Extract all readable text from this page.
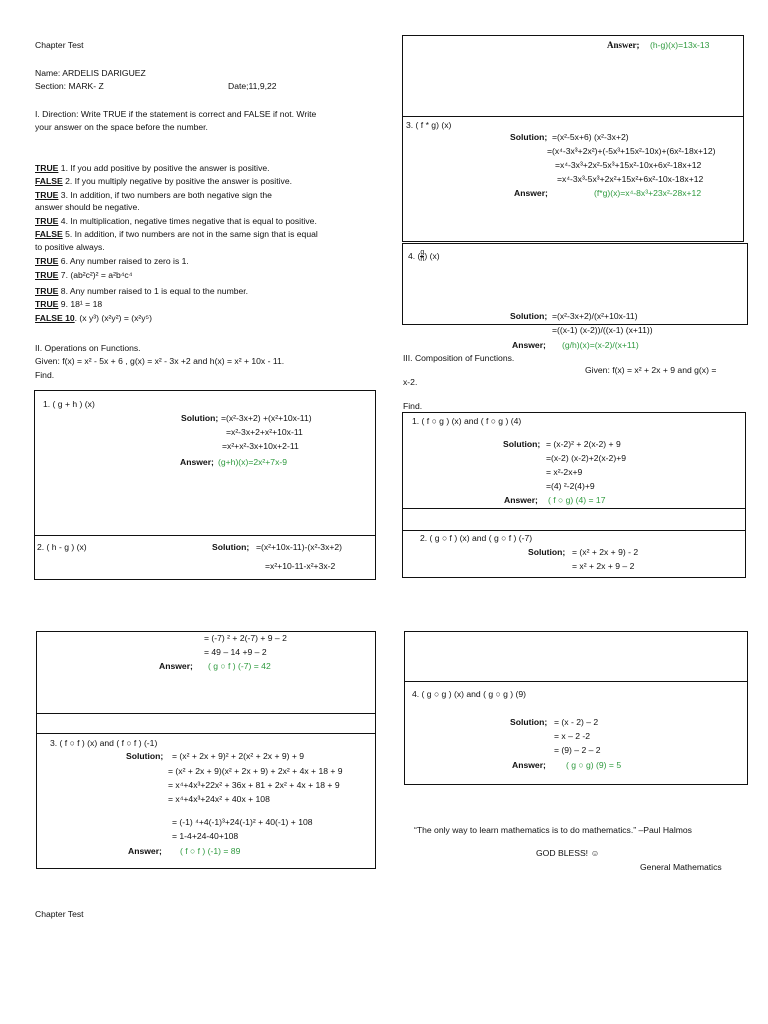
Chapter Test
Name: ARDELIS DARIGUEZ
Section: MARK- Z	Date;11,9,22
I. Direction: Write TRUE if the statement is correct and FALSE if not. Write
your answer on the space before the number.
TRUE 1. If you add positive by positive the answer is positive.
FALSE 2. If you multiply negative by positive the answer is positive.
TRUE 3. In addition, if two numbers are both negative sign the
answer should be negative.
TRUE 4. In multiplication, negative times negative that is equal to positive.
FALSE 5. In addition, if two numbers are not in the same sign that is equal
to positive always.
TRUE 6. Any number raised to zero is 1.
TRUE 7. (ab²c²)² = a²b⁴c⁴
TRUE 8. Any number raised to 1 is equal to the number.
TRUE 9. 18¹ = 18
FALSE 10. (x y³) (x²y²) = (x²y⁵)
II. Operations on Functions.
Given: f(x) = x² - 5x + 6 , g(x) = x² - 3x +2 and h(x) = x² + 10x - 11.
Find.
1. ( g + h ) (x)
Solution; =(x²-3x+2) +(x²+10x-11)
=x²-3x+2+x²+10x-11
=x²+x²-3x+10x+2-11
Answer; (g+h)(x)=2x²+7x-9
2. ( h - g ) (x)	Solution; =(x²+10x-11)-(x²-3x+2)
=x²+10-11-x²+3x-2
Answer; (h-g)(x)=13x-13
3. ( f * g) (x)
Solution; =(x²-5x+6) (x²-3x+2)
=(x⁴-3x³+2x²)+(-5x³+15x²-10x)+(6x²-18x+12)
=x⁴-3x³+2x²-5x³+15x²-10x+6x²-18x+12
=x⁴-3x³-5x³+2x²+15x²+6x²-10x-18x+12
Answer;	(f*g)(x)=x⁴-8x³+23x²-28x+12
4. ( $\frac{g}{h}$ ) (x)
Solution; =(x²-3x+2)/(x²+10x-11)
=((x-1) (x-2))/((x-1) (x+11))
Answer; (g/h)(x)=(x-2)/(x+11)
III. Composition of Functions.
Given: f(x) = x² + 2x + 9 and g(x) =
x-2.
Find.
1. ( f ○ g ) (x) and ( f ○ g ) (4)
Solution; = (x-2)² + 2(x-2) + 9
=(x-2) (x-2)+2(x-2)+9
= x²-2x+9
=(4) ²-2(4)+9
Answer; ( f ○ g) (4) = 17
2. ( g ○ f ) (x) and ( g ○ f ) (-7)
Solution; = (x² + 2x + 9) - 2
= x² + 2x + 9 – 2
= (-7) ² + 2(-7) + 9 – 2
= 49 – 14 +9 – 2
Answer; ( g ○ f ) (-7) = 42
3. ( f ○ f ) (x) and ( f ○ f ) (-1)
Solution; = (x² + 2x + 9)² + 2(x² + 2x + 9) + 9
= (x² + 2x + 9)(x² + 2x + 9) + 2x² + 4x + 18 + 9
= x⁴+4x³+22x² + 36x + 81 + 2x² + 4x + 18 + 9
= x⁴+4x³+24x² + 40x + 108
= (-1) ⁴+4(-1)³+24(-1)² + 40(-1) + 108
= 1-4+24-40+108
Answer; ( f ○ f ) (-1) = 89
4. ( g ○ g ) (x) and ( g ○ g ) (9)
Solution; = (x - 2) – 2
= x – 2 -2
= (9) – 2 – 2
Answer; ( g ○ g) (9) = 5
“The only way to learn mathematics is to do mathematics.” –Paul Halmos
GOD BLESS! ☺
General Mathematics
Chapter Test
